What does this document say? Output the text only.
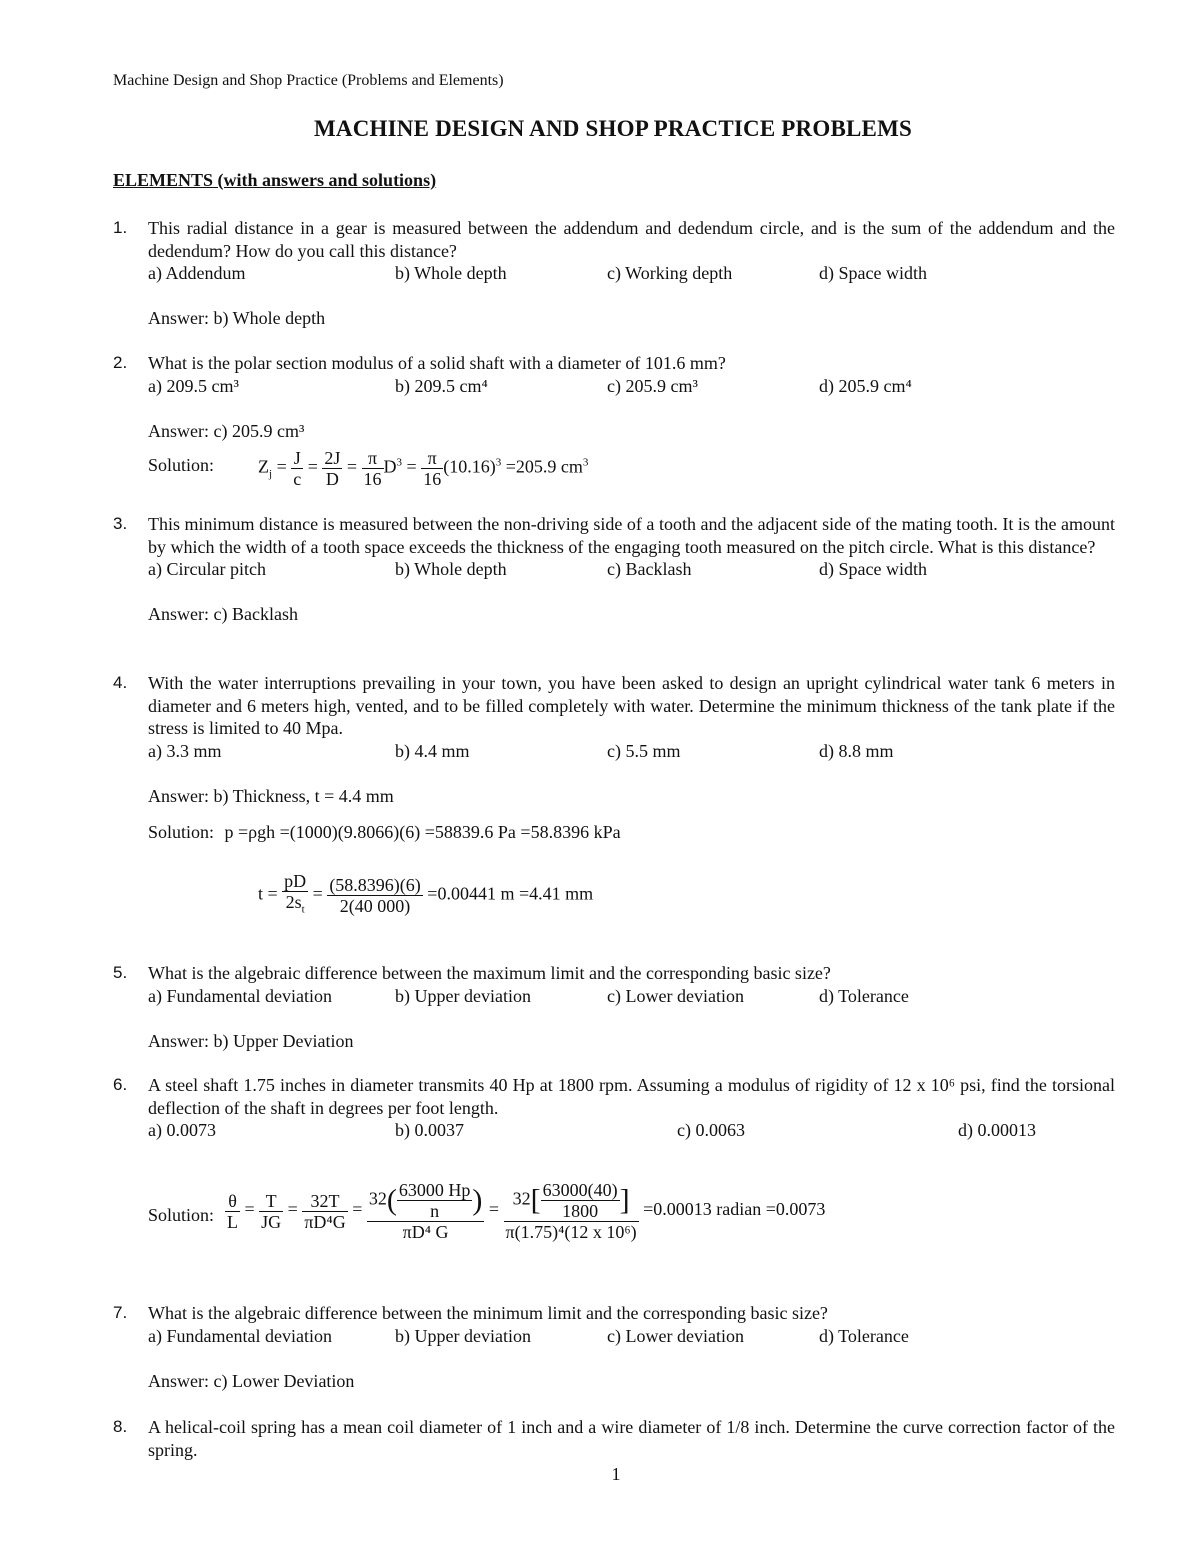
Machine Design and Shop Practice (Problems and Elements)
MACHINE DESIGN AND SHOP PRACTICE PROBLEMS
ELEMENTS (with answers and solutions)
1. This radial distance in a gear is measured between the addendum and dedendum circle, and is the sum of the addendum and the dedendum? How do you call this distance?
a) Addendum	b) Whole depth	c) Working depth	d) Space width
Answer: b) Whole depth
2. What is the polar section modulus of a solid shaft with a diameter of 101.6 mm?
a) 209.5 cm³	b) 209.5 cm⁴	c) 205.9 cm³	d) 205.9 cm⁴
Answer: c) 205.9 cm³
Solution: $Z_j = \frac{J}{c} = \frac{2J}{D} = \frac{\pi}{16} D^3 = \frac{\pi}{16} (10.16)^3 =205.9$ $cm^3$
3. This minimum distance is measured between the non-driving side of a tooth and the adjacent side of the mating tooth. It is the amount by which the width of a tooth space exceeds the thickness of the engaging tooth measured on the pitch circle. What is this distance?
a) Circular pitch	b) Whole depth	c) Backlash	d) Space width
Answer: c) Backlash
4. With the water interruptions prevailing in your town, you have been asked to design an upright cylindrical water tank 6 meters in diameter and 6 meters high, vented, and to be filled completely with water. Determine the minimum thickness of the tank plate if the stress is limited to 40 Mpa.
a) 3.3 mm	b) 4.4 mm	c) 5.5 mm	d) 8.8 mm
Answer: b) Thickness, t = 4.4 mm
Solution: p =ρgh =(1000)(9.8066)(6) =58839.6 Pa =58.8396 kPa
$t = \frac{pD}{2s_t} = \frac{(58.8396)(6)}{2(40 000)} =0.00441$ m =4.41 mm
5. What is the algebraic difference between the maximum limit and the corresponding basic size?
a) Fundamental deviation	b) Upper deviation	c) Lower deviation	d) Tolerance
Answer: b) Upper Deviation
6. A steel shaft 1.75 inches in diameter transmits 40 Hp at 1800 rpm. Assuming a modulus of rigidity of 12 x 10⁶ psi, find the torsional deflection of the shaft in degrees per foot length.
a) 0.0073	b) 0.0037	c) 0.0063	d) 0.00013
Solution: $\frac{\theta}{L} = \frac{T}{JG} = \frac{32T}{\text{πD⁴G}} = \frac{32( \frac{63000 Hp}{n} )}{\text{πD⁴ G}} = \frac{32[ \frac{63000(40)}{1800} ]}{\text{π(1.75)⁴(12 x 10⁶)}} =0.00013$ radian =0.0073
7. What is the algebraic difference between the minimum limit and the corresponding basic size?
a) Fundamental deviation	b) Upper deviation	c) Lower deviation	d) Tolerance
Answer: c) Lower Deviation
8. A helical-coil spring has a mean coil diameter of 1 inch and a wire diameter of 1/8 inch. Determine the curve correction factor of the spring.
1
